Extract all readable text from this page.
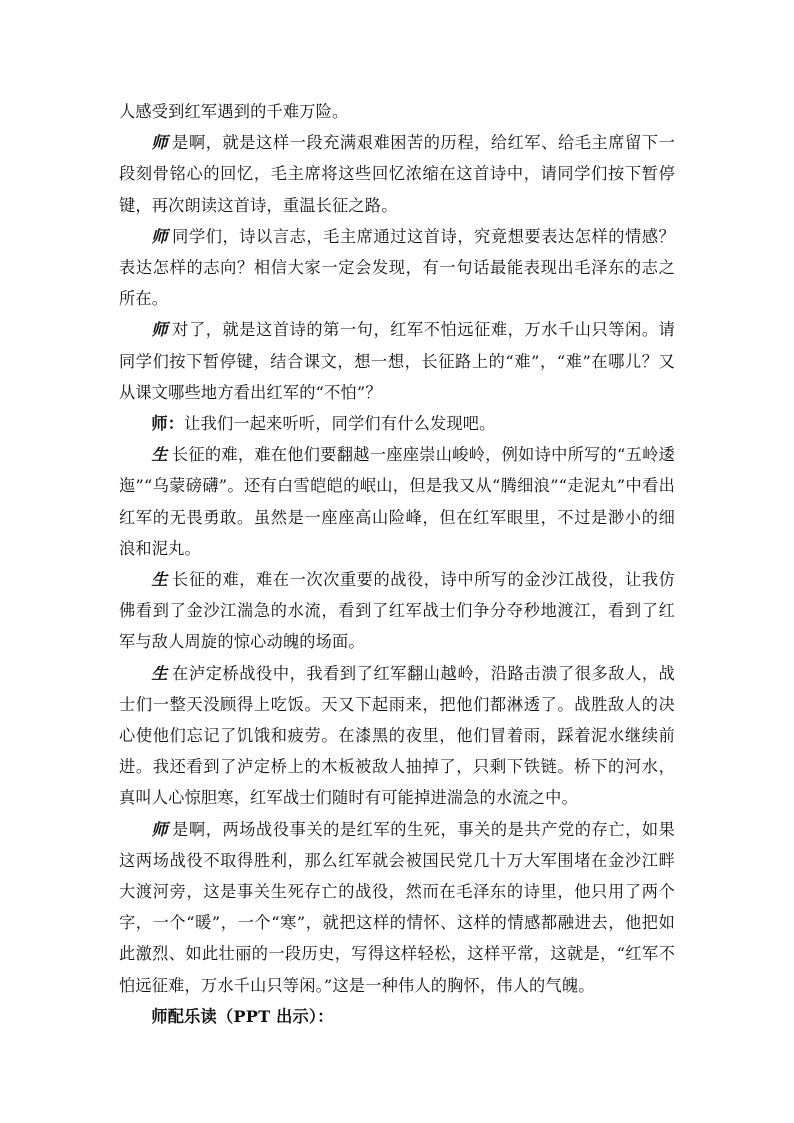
人感受到红军遇到的千难万险。

师 是啊，就是这样一段充满艰难困苦的历程，给红军、给毛主席留下一段刻骨铭心的回忆，毛主席将这些回忆浓缩在这首诗中，请同学们按下暂停键，再次朗读这首诗，重温长征之路。

师 同学们，诗以言志，毛主席通过这首诗，究竟想要表达怎样的情感？表达怎样的志向？相信大家一定会发现，有一句话最能表现出毛泽东的志之所在。

师 对了，就是这首诗的第一句，红军不怕远征难，万水千山只等闲。请同学们按下暂停键，结合课文，想一想，长征路上的“难”，“难”在哪儿？又从课文哪些地方看出红军的“不怕”？

师：让我们一起来听听，同学们有什么发现吧。

生 长征的难，难在他们要翻越一座座崇山峻岭，例如诗中所写的“五岭逶迤”“乌蒙磅礴”。还有白雪皑皑的岷山，但是我又从“腾细浪”“走泥丸”中看出红军的无畏勇敢。虽然是一座座高山险峰，但在红军眼里，不过是渺小的细浪和泥丸。

生 长征的难，难在一次次重要的战役，诗中所写的金沙江战役，让我仿佛看到了金沙江湍急的水流，看到了红军战士们争分夺秒地渡江，看到了红军与敌人周旋的惊心动魄的场面。

生 在泸定桥战役中，我看到了红军翻山越岭，沿路击溃了很多敌人，战士们一整天没顾得上吃饭。天又下起雨来，把他们都淋透了。战胜敌人的决心使他们忘记了饥饿和疲劳。在漆黑的夜里，他们冒着雨，踩着泥水继续前进。我还看到了泸定桥上的木板被敌人抽掉了，只剩下铁链。桥下的河水，真叫人心惊胆寒，红军战士们随时有可能掉进湍急的水流之中。

师 是啊，两场战役事关的是红军的生死，事关的是共产党的存亡，如果这两场战役不取得胜利，那么红军就会被国民党几十万大军围堵在金沙江畔大渡河旁，这是事关生死存亡的战役，然而在毛泽东的诗里，他只用了两个字，一个“暖”，一个“寒”，就把这样的情怀、这样的情感都融进去，他把如此激烈、如此壮丽的一段历史，写得这样轻松，这样平常，这就是，“红军不怕远征难，万水千山只等闲。”这是一种伟人的胸怀，伟人的气魄。

师配乐读（PPT 出示）：
